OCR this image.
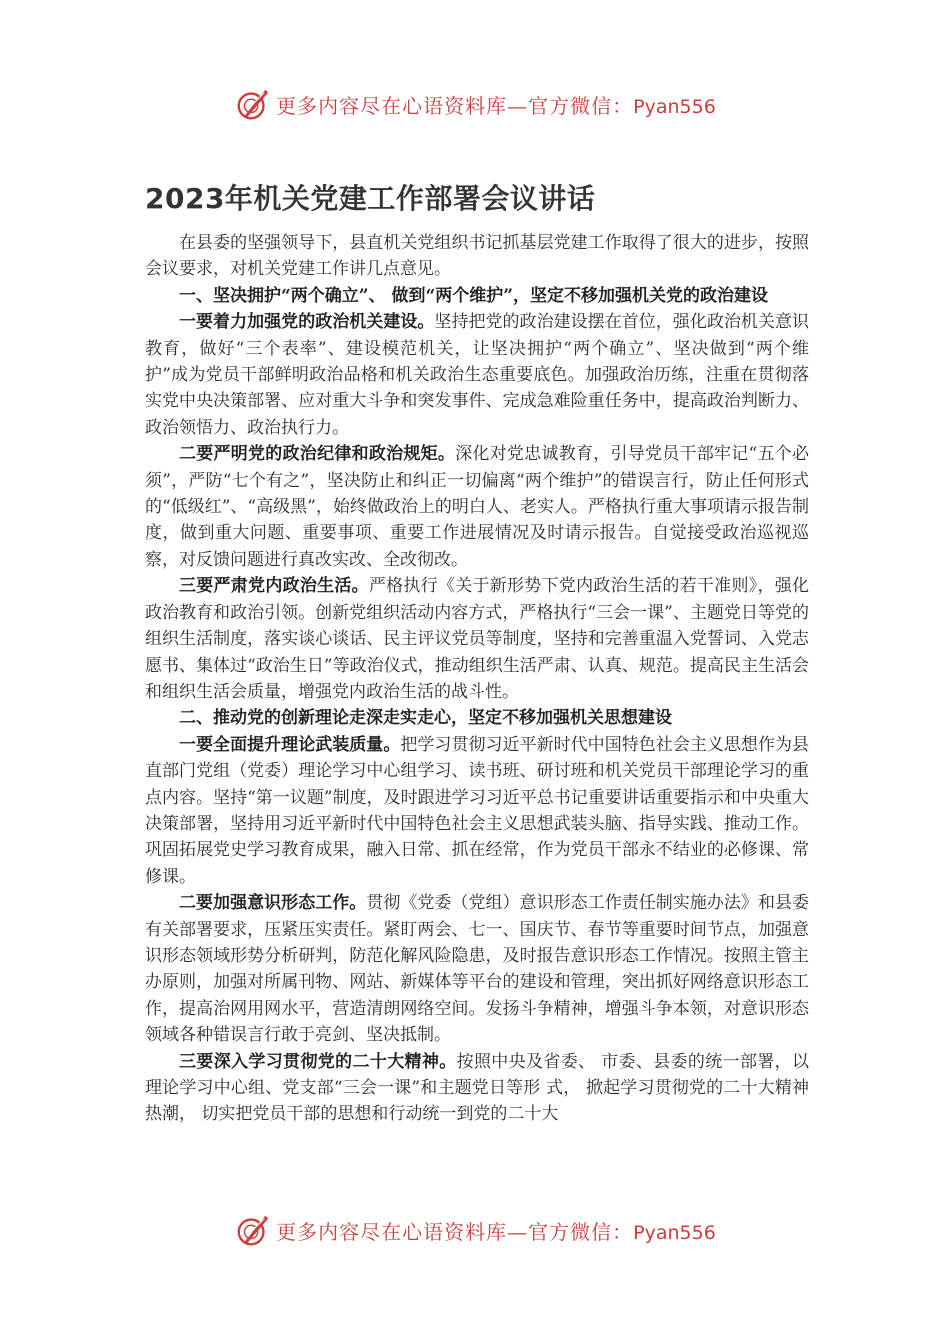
更多内容尽在心语资料库—官方微信：Pyan556
2023年机关党建工作部署会议讲话

在县委的坚强领导下，县直机关党组织书记抓基层党建工作取得了很大的进步，按照会议要求，对机关党建工作讲几点意见。

一、坚决拥护“两个确立”、 做到“两个维护”，坚定不移加强机关党的政治建设

一要着力加强党的政治机关建设。坚持把党的政治建设摆在首位，强化政治机关意识教育，做好“三个表率”、建设模范机关，让坚决拥护“两个确立”、坚决做到“两个维护”成为党员干部鲜明政治品格和机关政治生态重要底色。加强政治历练，注重在贯彻落实党中央决策部署、应对重大斗争和突发事件、完成急难险重任务中，提高政治判断力、政治领悟力、政治执行力。

二要严明党的政治纪律和政治规矩。深化对党忠诚教育，引导党员干部牢记“五个必须”，严防“七个有之”，坚决防止和纠正一切偏离“两个维护”的错误言行，防止任何形式的“低级红”、“高级黑”，始终做政治上的明白人、老实人。严格执行重大事项请示报告制度，做到重大问题、重要事项、重要工作进展情况及时请示报告。自觉接受政治巡视巡察，对反馈问题进行真改实改、全改彻改。

三要严肃党内政治生活。严格执行《关于新形势下党内政治生活的若干准则》，强化政治教育和政治引领。创新党组织活动内容方式，严格执行“三会一课”、主题党日等党的组织生活制度，落实谈心谈话、民主评议党员等制度，坚持和完善重温入党誓词、入党志愿书、集体过“政治生日”等政治仪式，推动组织生活严肃、认真、规范。提高民主生活会和组织生活会质量，增强党内政治生活的战斗性。

二、推动党的创新理论走深走实走心，坚定不移加强机关思想建设

一要全面提升理论武装质量。把学习贯彻习近平新时代中国特色社会主义思想作为县直部门党组（党委）理论学习中心组学习、读书班、研讨班和机关党员干部理论学习的重点内容。坚持“第一议题”制度，及时跟进学习习近平总书记重要讲话重要指示和中央重大决策部署，坚持用习近平新时代中国特色社会主义思想武装头脑、指导实践、推动工作。巩固拓展党史学习教育成果，融入日常、抓在经常，作为党员干部永不结业的必修课、常修课。

二要加强意识形态工作。贯彻《党委（党组）意识形态工作责任制实施办法》和县委有关部署要求，压紧压实责任。紧盯两会、七一、国庆节、春节等重要时间节点，加强意识形态领域形势分析研判，防范化解风险隐患，及时报告意识形态工作情况。按照主管主办原则，加强对所属刊物、网站、新媒体等平台的建设和管理，突出抓好网络意识形态工作，提高治网用网水平，营造清朗网络空间。发扬斗争精神，增强斗争本领，对意识形态领域各种错误言行敢于亮剑、坚决抵制。

三要深入学习贯彻党的二十大精神。按照中央及省委、 市委、县委的统一部署，以理论学习中心组、党支部“三会一课”和主题党日等形 式， 掀起学习贯彻党的二十大精神热潮， 切实把党员干部的思想和行动统一到党的二十大

更多内容尽在心语资料库—官方微信：Pyan556
